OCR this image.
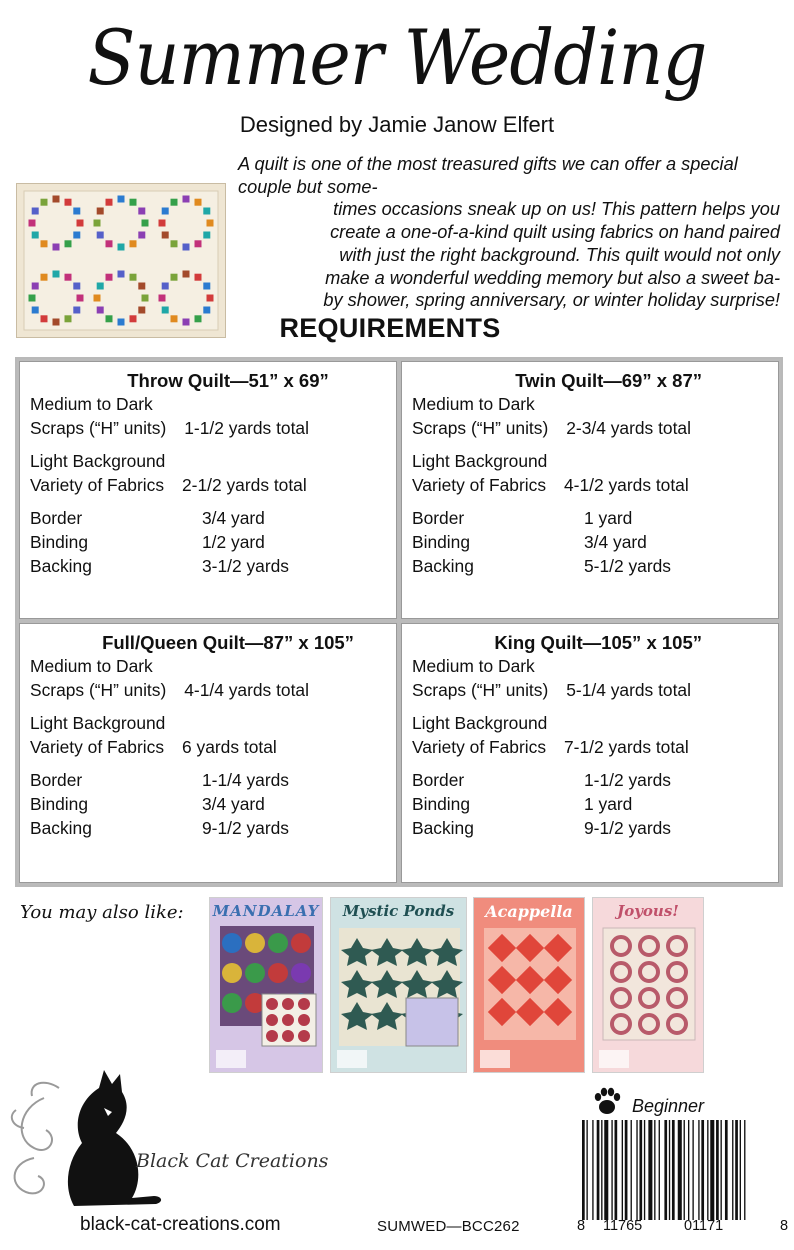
Summer Wedding
Designed by Jamie Janow Elfert

A quilt is one of the most treasured gifts we can offer a special couple but some-

times occasions sneak up on us! This pattern helps you

create a one-of-a-kind quilt using fabrics on hand paired

with just the right background. This quilt would not only

make a wonderful wedding memory but also a sweet ba-

by shower, spring anniversary, or winter holiday surprise!

REQUIREMENTS
Throw Quilt—51” x 69”
Medium to Dark
Scraps (“H” units) 1-1/2 yards total
Light Background
Variety of Fabrics 2-1/2 yards total
Border	3/4 yard
Binding	1/2 yard
Backing	3-1/2 yards
Twin Quilt—69” x 87”
Medium to Dark
Scraps (“H” units) 2-3/4 yards total
Light Background
Variety of Fabrics 4-1/2 yards total
Border	1 yard
Binding	3/4 yard
Backing	5-1/2 yards
Full/Queen Quilt—87” x 105”
Medium to Dark
Scraps (“H” units) 4-1/4 yards total
Light Background
Variety of Fabrics 6 yards total
Border	1-1/4 yards
Binding	3/4 yard
Backing	9-1/2 yards
King Quilt—105” x 105”
Medium to Dark
Scraps (“H” units) 5-1/4 yards total
Light Background
Variety of Fabrics 7-1/2 yards total
Border	1-1/2 yards
Binding	1 yard
Backing	9-1/2 yards
You may also like: MANDALAY	Mystic Ponds	Acappella	Joyous!
Black Cat Creations
black-cat-creations.com	SUMWED—BCC262
Beginner
8 11765	01171	8
